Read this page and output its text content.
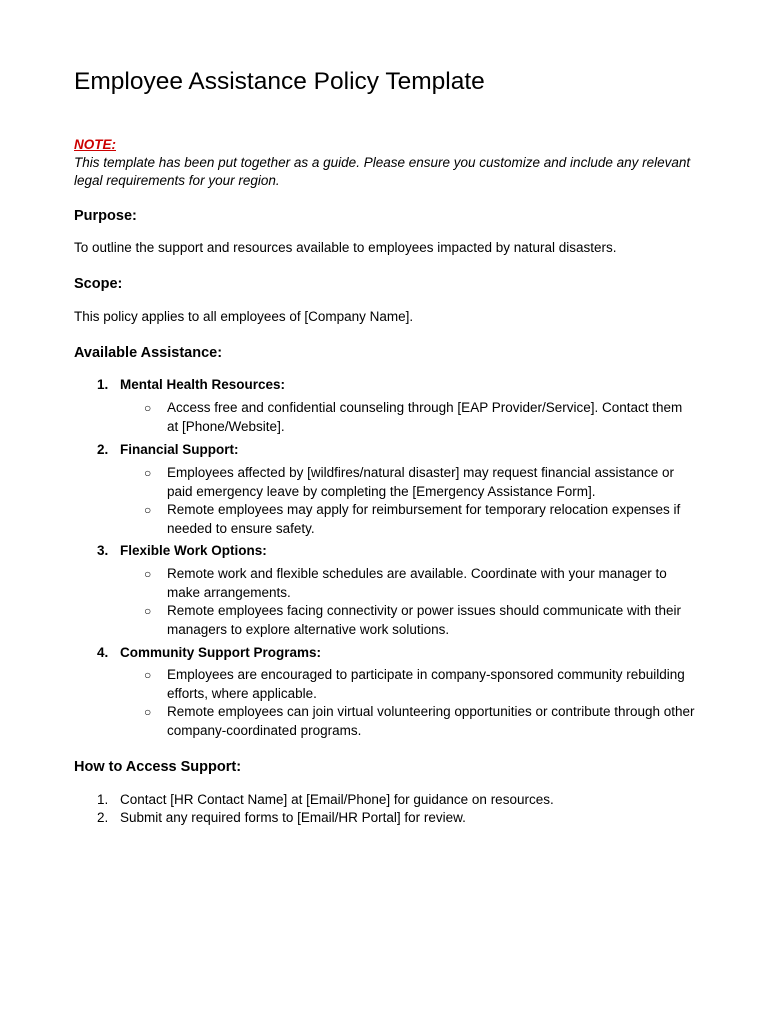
Employee Assistance Policy Template
NOTE:
This template has been put together as a guide. Please ensure you customize and include any relevant legal requirements for your region.
Purpose:

To outline the support and resources available to employees impacted by natural disasters.

Scope:

This policy applies to all employees of [Company Name].

Available Assistance:
1. Mental Health Resources:
○ Access free and confidential counseling through [EAP Provider/Service]. Contact them at [Phone/Website].
2. Financial Support:
○ Employees affected by [wildfires/natural disaster] may request financial assistance or paid emergency leave by completing the [Emergency Assistance Form].
○ Remote employees may apply for reimbursement for temporary relocation expenses if needed to ensure safety.
3. Flexible Work Options:
○ Remote work and flexible schedules are available. Coordinate with your manager to make arrangements.
○ Remote employees facing connectivity or power issues should communicate with their managers to explore alternative work solutions.
4. Community Support Programs:
○ Employees are encouraged to participate in company-sponsored community rebuilding efforts, where applicable.
○ Remote employees can join virtual volunteering opportunities or contribute through other company-coordinated programs.
How to Access Support:
1. Contact [HR Contact Name] at [Email/Phone] for guidance on resources.
2. Submit any required forms to [Email/HR Portal] for review.
